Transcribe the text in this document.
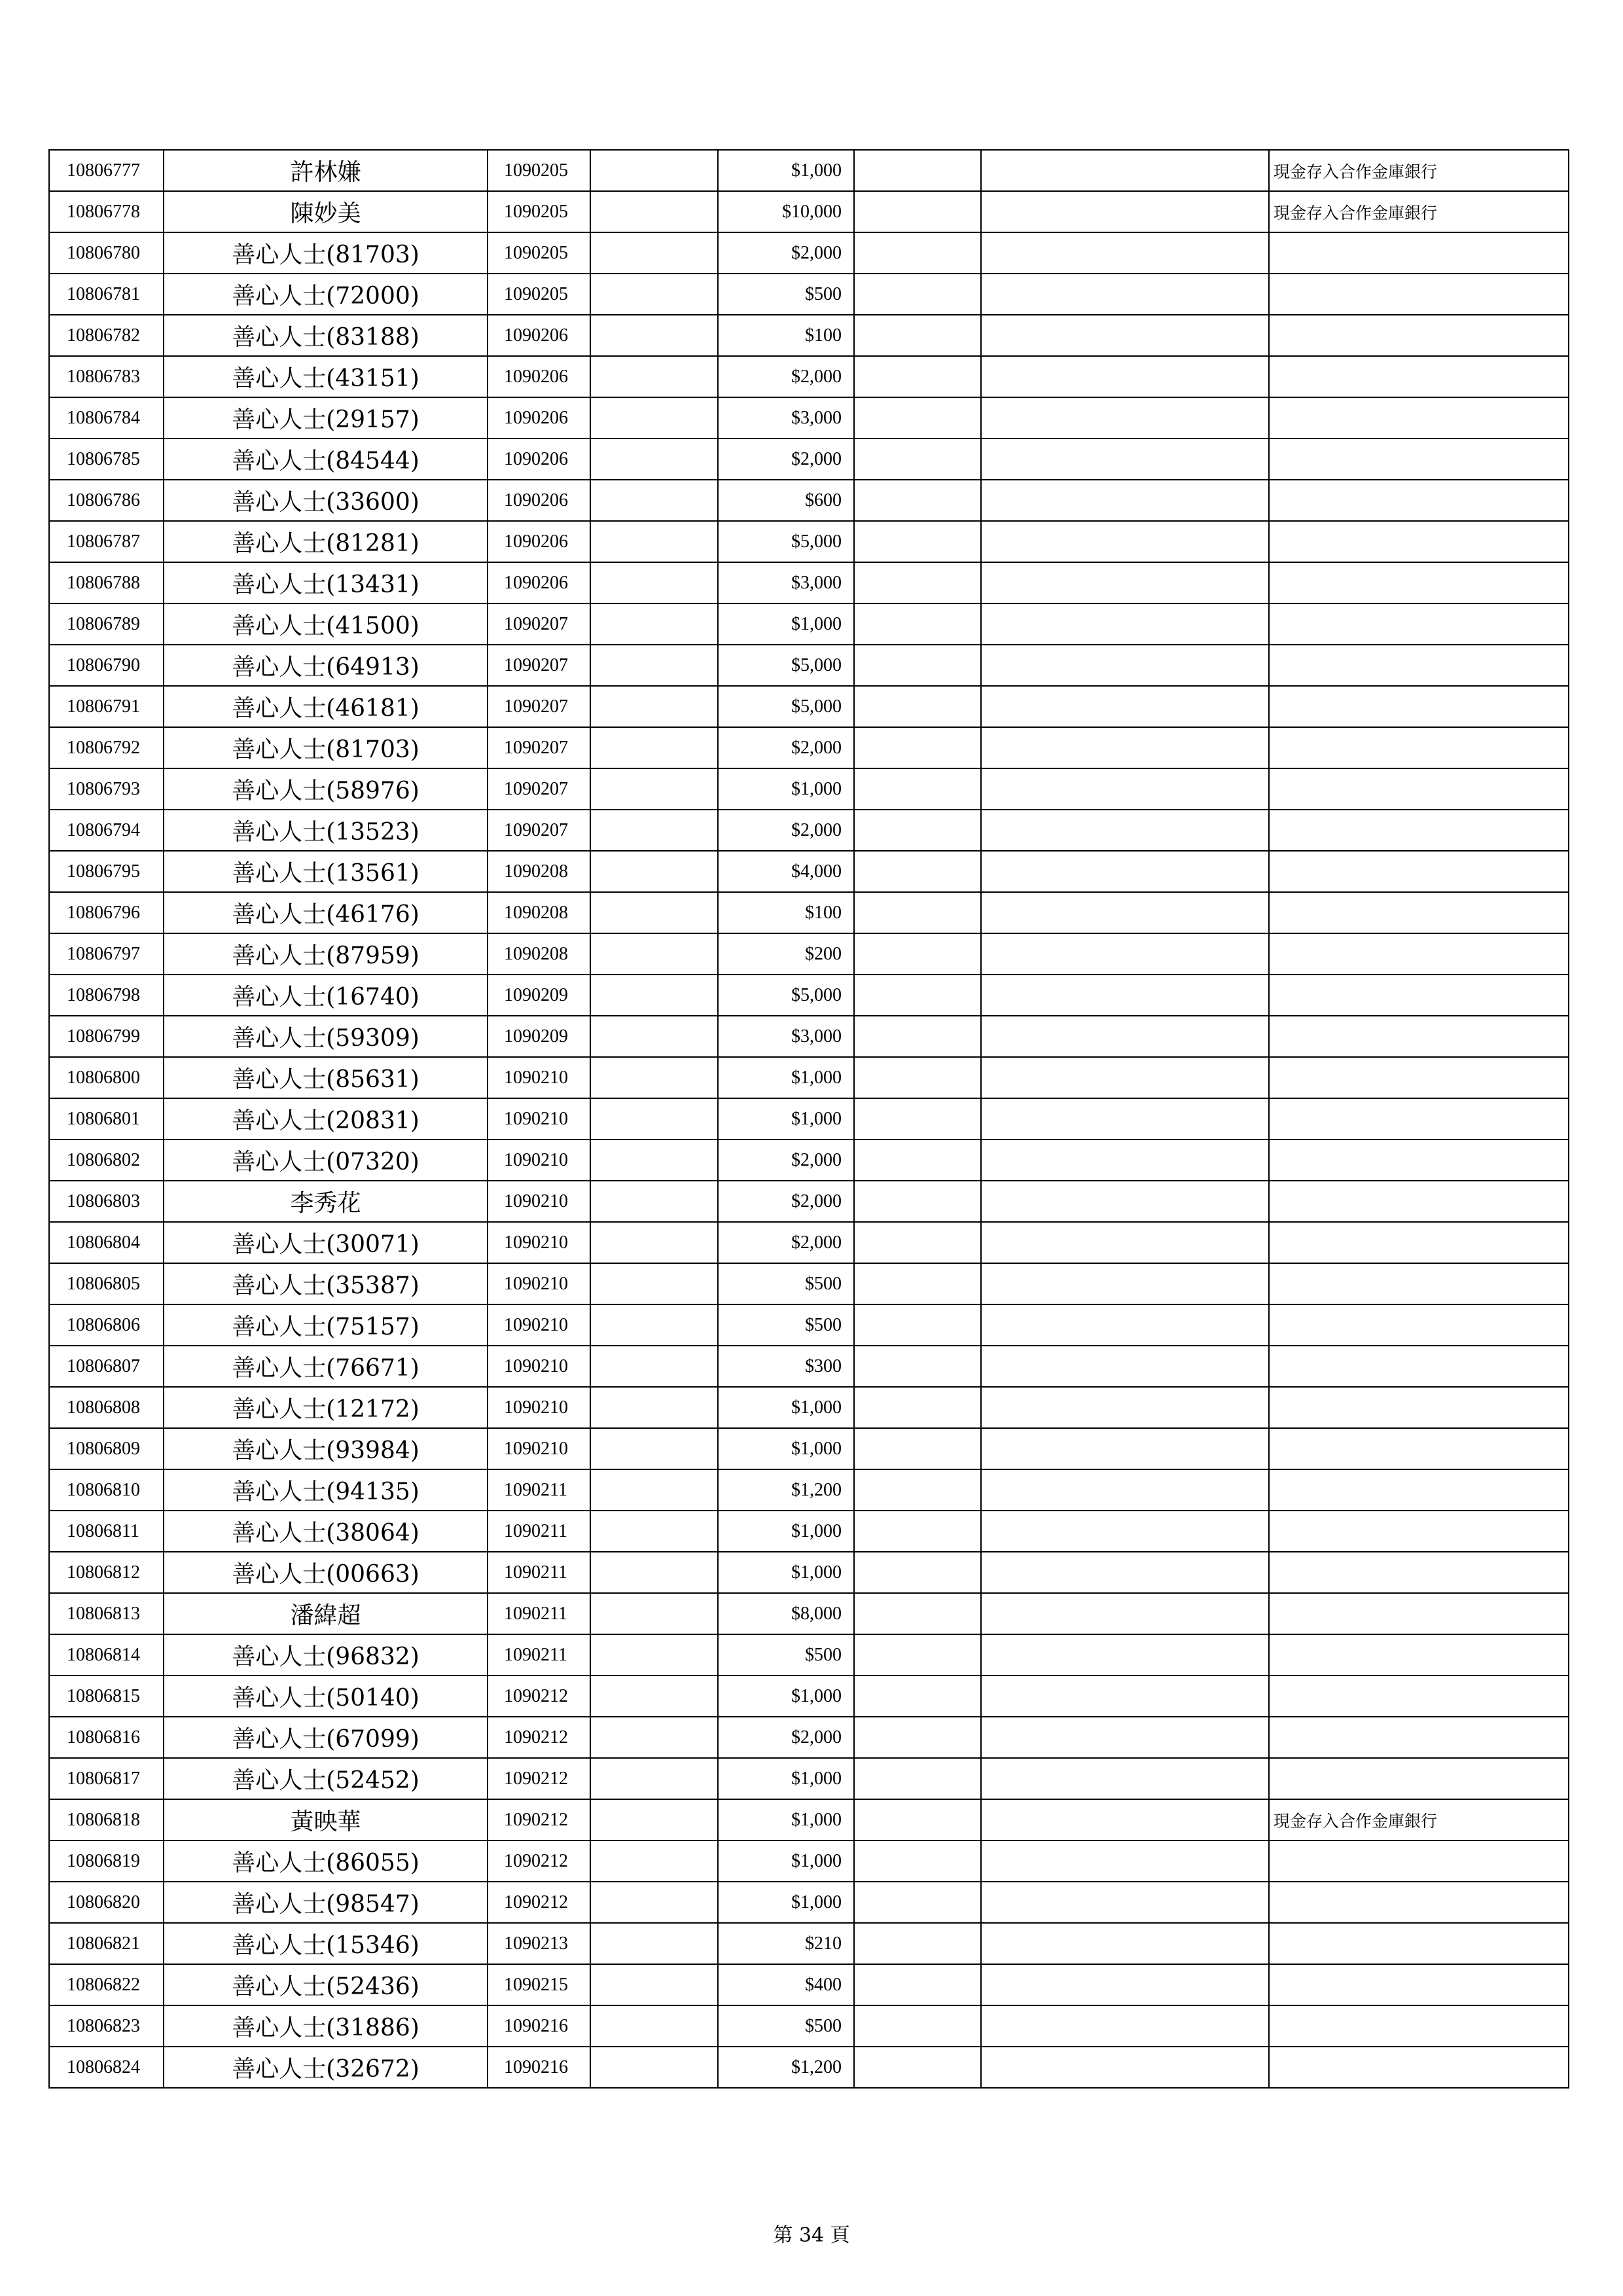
10806777	許林嫌	1090205		$1,000			現金存入合作金庫銀行
10806778	陳妙美	1090205		$10,000			現金存入合作金庫銀行
10806780	善心人士(81703)	1090205		$2,000			
10806781	善心人士(72000)	1090205		$500			
10806782	善心人士(83188)	1090206		$100			
10806783	善心人士(43151)	1090206		$2,000			
10806784	善心人士(29157)	1090206		$3,000			
10806785	善心人士(84544)	1090206		$2,000			
10806786	善心人士(33600)	1090206		$600			
10806787	善心人士(81281)	1090206		$5,000			
10806788	善心人士(13431)	1090206		$3,000			
10806789	善心人士(41500)	1090207		$1,000			
10806790	善心人士(64913)	1090207		$5,000			
10806791	善心人士(46181)	1090207		$5,000			
10806792	善心人士(81703)	1090207		$2,000			
10806793	善心人士(58976)	1090207		$1,000			
10806794	善心人士(13523)	1090207		$2,000			
10806795	善心人士(13561)	1090208		$4,000			
10806796	善心人士(46176)	1090208		$100			
10806797	善心人士(87959)	1090208		$200			
10806798	善心人士(16740)	1090209		$5,000			
10806799	善心人士(59309)	1090209		$3,000			
10806800	善心人士(85631)	1090210		$1,000			
10806801	善心人士(20831)	1090210		$1,000			
10806802	善心人士(07320)	1090210		$2,000			
10806803	李秀花	1090210		$2,000			
10806804	善心人士(30071)	1090210		$2,000			
10806805	善心人士(35387)	1090210		$500			
10806806	善心人士(75157)	1090210		$500			
10806807	善心人士(76671)	1090210		$300			
10806808	善心人士(12172)	1090210		$1,000			
10806809	善心人士(93984)	1090210		$1,000			
10806810	善心人士(94135)	1090211		$1,200			
10806811	善心人士(38064)	1090211		$1,000			
10806812	善心人士(00663)	1090211		$1,000			
10806813	潘緯超	1090211		$8,000			
10806814	善心人士(96832)	1090211		$500			
10806815	善心人士(50140)	1090212		$1,000			
10806816	善心人士(67099)	1090212		$2,000			
10806817	善心人士(52452)	1090212		$1,000			
10806818	黃映華	1090212		$1,000			現金存入合作金庫銀行
10806819	善心人士(86055)	1090212		$1,000			
10806820	善心人士(98547)	1090212		$1,000			
10806821	善心人士(15346)	1090213		$210			
10806822	善心人士(52436)	1090215		$400			
10806823	善心人士(31886)	1090216		$500			
10806824	善心人士(32672)	1090216		$1,200			
第 34 頁
